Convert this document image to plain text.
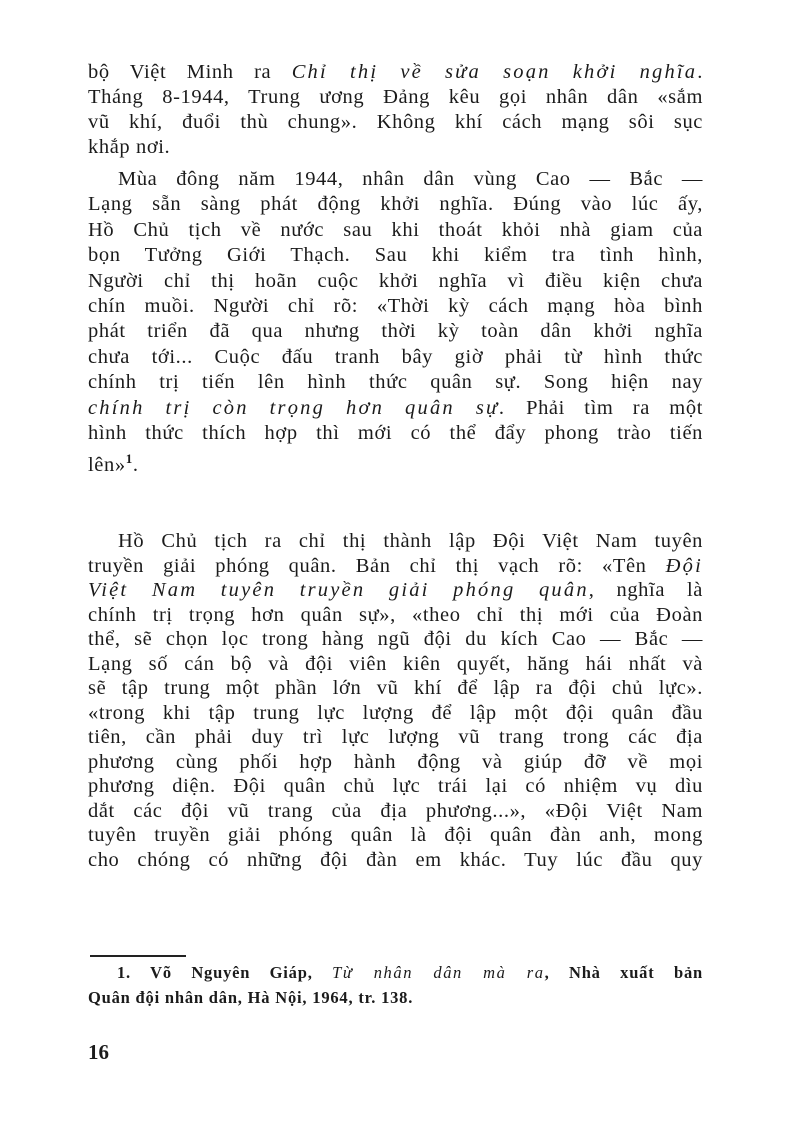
bộ Việt Minh ra Chỉ thị về sửa soạn khởi nghĩa.
Tháng 8-1944, Trung ương Đảng kêu gọi nhân dân «sắm
vũ khí, đuổi thù chung». Không khí cách mạng sôi sục
khắp nơi.
Mùa đông năm 1944, nhân dân vùng Cao — Bắc —
Lạng sẵn sàng phát động khởi nghĩa. Đúng vào lúc ấy,
Hồ Chủ tịch về nước sau khi thoát khỏi nhà giam của
bọn Tưởng Giới Thạch. Sau khi kiểm tra tình hình,
Người chỉ thị hoãn cuộc khởi nghĩa vì điều kiện chưa
chín muồi. Người chỉ rõ: «Thời kỳ cách mạng hòa bình
phát triển đã qua nhưng thời kỳ toàn dân khởi nghĩa
chưa tới... Cuộc đấu tranh bây giờ phải từ hình thức
chính trị tiến lên hình thức quân sự. Song hiện nay
chính trị còn trọng hơn quân sự. Phải tìm ra một
hình thức thích hợp thì mới có thể đẩy phong trào tiến
lên»$^1$.
Hồ Chủ tịch ra chỉ thị thành lập Đội Việt Nam tuyên
truyền giải phóng quân. Bản chỉ thị vạch rõ: «Tên Đội
Việt Nam tuyên truyền giải phóng quân, nghĩa là
chính trị trọng hơn quân sự», «theo chỉ thị mới của Đoàn
thể, sẽ chọn lọc trong hàng ngũ đội du kích Cao — Bắc —
Lạng số cán bộ và đội viên kiên quyết, hăng hái nhất và
sẽ tập trung một phần lớn vũ khí để lập ra đội chủ lực».
«trong khi tập trung lực lượng để lập một đội quân đầu
tiên, cần phải duy trì lực lượng vũ trang trong các địa
phương cùng phối hợp hành động và giúp đỡ về mọi
phương diện. Đội quân chủ lực trái lại có nhiệm vụ dìu
dắt các đội vũ trang của địa phương...», «Đội Việt Nam
tuyên truyền giải phóng quân là đội quân đàn anh, mong
cho chóng có những đội đàn em khác. Tuy lúc đầu quy
1. Võ Nguyên Giáp, Từ nhân dân mà ra, Nhà xuất bản
Quân đội nhân dân, Hà Nội, 1964, tr. 138.
16
